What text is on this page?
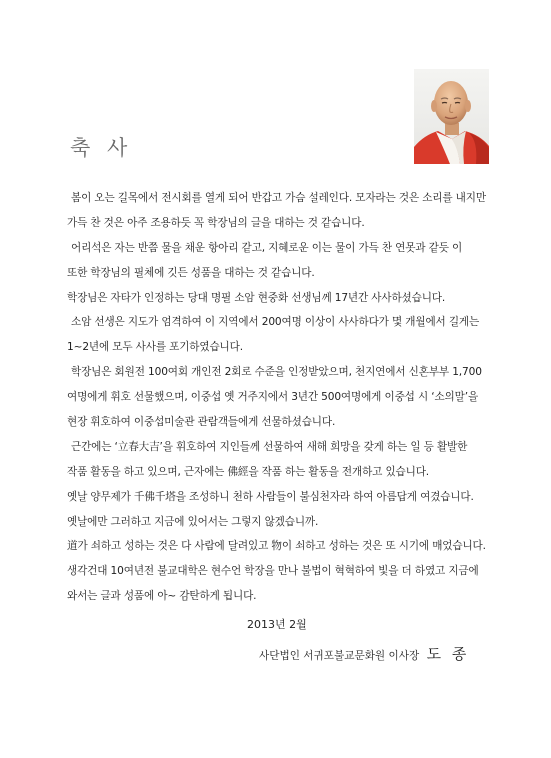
축 사
봄이 오는 길목에서 전시회를 열게 되어 반갑고 가슴 설레인다. 모자라는 것은 소리를 내지만
가득 찬 것은 아주 조용하듯 꼭 학장님의 글을 대하는 것 같습니다.
어리석은 자는 반쯤 물을 채운 항아리 같고, 지혜로운 이는 물이 가득 찬 연못과 같듯 이
또한 학장님의 필체에 깃든 성품을 대하는 것 같습니다.
학장님은 자타가 인정하는 당대 명필 소암 현중화 선생님께 17년간 사사하셨습니다.
소암 선생은 지도가 엄격하여 이 지역에서 200여명 이상이 사사하다가 몇 개월에서 길게는
1~2년에 모두 사사를 포기하였습니다.
학장님은 회원전 100여회 개인전 2회로 수준을 인정받았으며, 천지연에서 신혼부부 1,700
여명에게 휘호 선물했으며, 이중섭 옛 거주지에서 3년간 500여명에게 이중섭 시 ‘소의말’을
현장 휘호하여 이중섭미술관 관람객들에게 선물하셨습니다.
근간에는 ‘立春大吉’을 휘호하여 지인들께 선물하여 새해 희망을 갖게 하는 일 등 활발한
작품 활동을 하고 있으며, 근자에는 佛經을 작품 하는 활동을 전개하고 있습니다.
옛날 양무제가 千佛千塔을 조성하니 천하 사람들이 불심천자라 하여 아름답게 여겼습니다.
옛날에만 그러하고 지금에 있어서는 그렇지 않겠습니까.
道가 쇠하고 성하는 것은 다 사람에 달려있고 物이 쇠하고 성하는 것은 또 시기에 매었습니다.
생각건대 10여년전 불교대학은 현수언 학장을 만나 불법이 혁혁하여 빛을 더 하였고 지금에
와서는 글과 성품에 아~ 감탄하게 됩니다.
2013년 2월
사단법인 서귀포불교문화원 이사장 도 종
